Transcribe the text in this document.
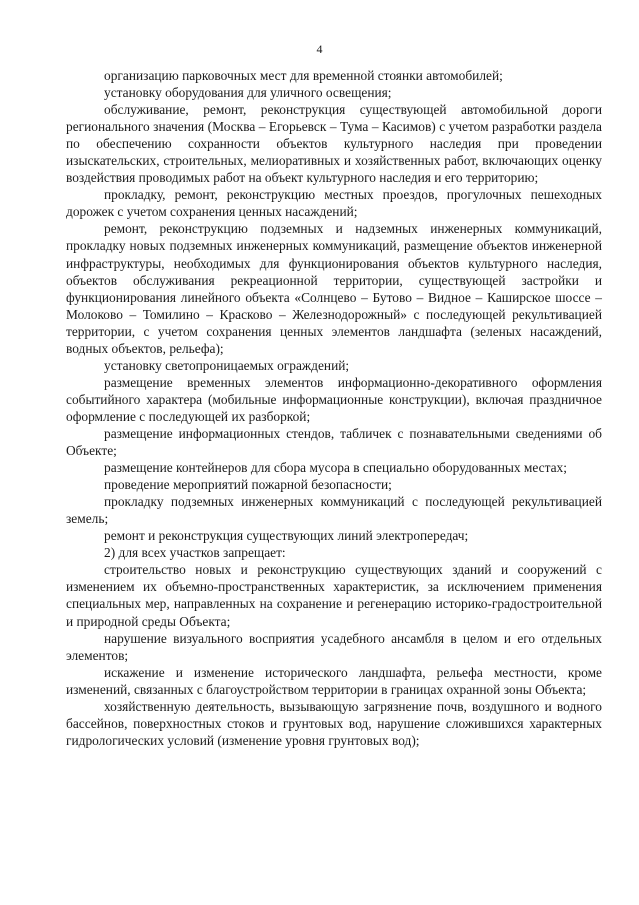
4

организацию парковочных мест для временной стоянки автомобилей;

установку оборудования для уличного освещения;

обслуживание, ремонт, реконструкция существующей автомобильной дороги регионального значения (Москва – Егорьевск – Тума – Касимов) с учетом разработки раздела по обеспечению сохранности объектов культурного наследия при проведении изыскательских, строительных, мелиоративных и хозяйственных работ, включающих оценку воздействия проводимых работ на объект культурного наследия и его территорию;

прокладку, ремонт, реконструкцию местных проездов, прогулочных пешеходных дорожек с учетом сохранения ценных насаждений;

ремонт, реконструкцию подземных и надземных инженерных коммуникаций, прокладку новых подземных инженерных коммуникаций, размещение объектов инженерной инфраструктуры, необходимых для функционирования объектов культурного наследия, объектов обслуживания рекреационной территории, существующей застройки и функционирования линейного объекта «Солнцево – Бутово – Видное – Каширское шоссе – Молоково – Томилино – Красково – Железнодорожный» с последующей рекультивацией территории, с учетом сохранения ценных элементов ландшафта (зеленых насаждений, водных объектов, рельефа);

установку светопроницаемых ограждений;

размещение временных элементов информационно-декоративного оформления событийного характера (мобильные информационные конструкции), включая праздничное оформление с последующей их разборкой;

размещение информационных стендов, табличек с познавательными сведениями об Объекте;

размещение контейнеров для сбора мусора в специально оборудованных местах;

проведение мероприятий пожарной безопасности;

прокладку подземных инженерных коммуникаций с последующей рекультивацией земель;

ремонт и реконструкция существующих линий электропередач;

2) для всех участков запрещает:

строительство новых и реконструкцию существующих зданий и сооружений с изменением их объемно-пространственных характеристик, за исключением применения специальных мер, направленных на сохранение и регенерацию историко-градостроительной и природной среды Объекта;

нарушение визуального восприятия усадебного ансамбля в целом и его отдельных элементов;

искажение и изменение исторического ландшафта, рельефа местности, кроме изменений, связанных с благоустройством территории в границах охранной зоны Объекта;

хозяйственную деятельность, вызывающую загрязнение почв, воздушного и водного бассейнов, поверхностных стоков и грунтовых вод, нарушение сложившихся характерных гидрологических условий (изменение уровня грунтовых вод);
